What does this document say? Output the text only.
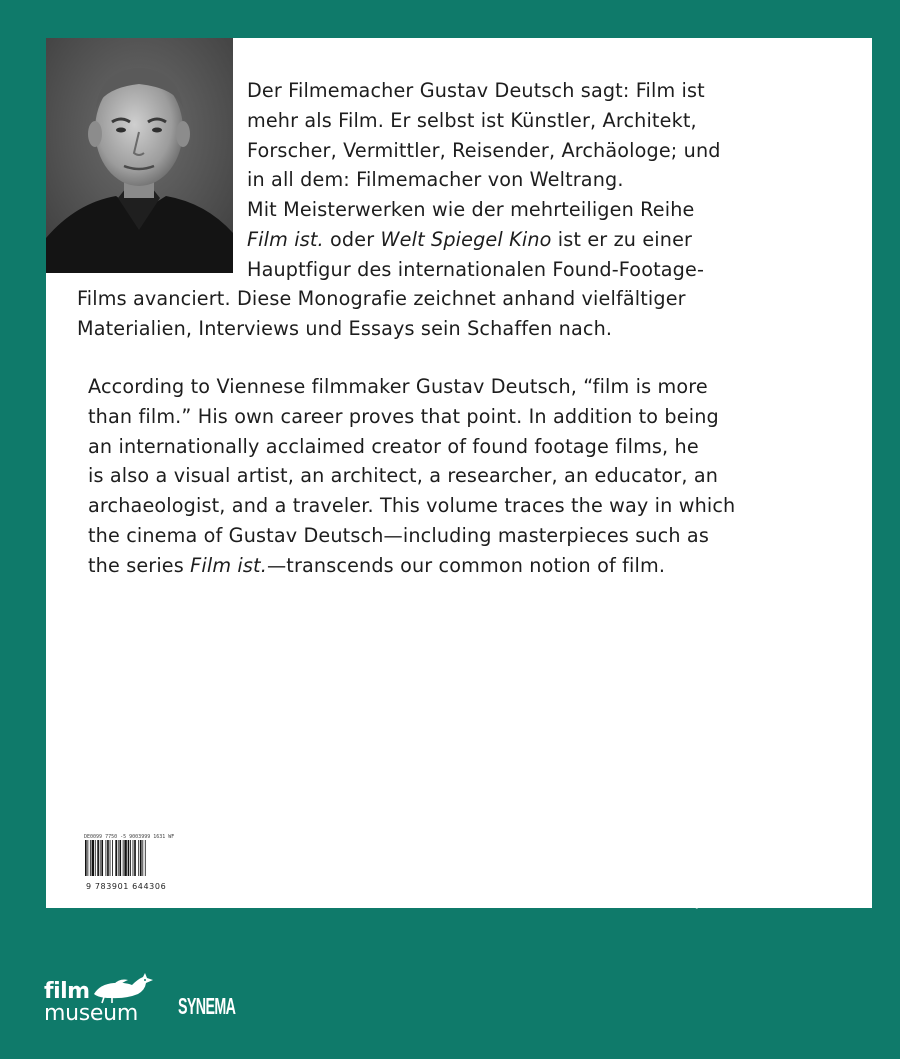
Der Filmemacher Gustav Deutsch sagt: Film ist
mehr als Film. Er selbst ist Künstler, Architekt,
Forscher, Vermittler, Reisender, Archäologe; und
in all dem: Filmemacher von Weltrang.
Mit Meisterwerken wie der mehrteiligen Reihe
Film ist. oder Welt Spiegel Kino ist er zu einer
Hauptfigur des internationalen Found-Footage-
Films avanciert. Diese Monografie zeichnet anhand vielfältiger
Materialien, Interviews und Essays sein Schaffen nach.
According to Viennese filmmaker Gustav Deutsch, “film is more
than film.” His own career proves that point. In addition to being
an internationally acclaimed creator of found footage films, he
is also a visual artist, an architect, a researcher, an educator, an
archaeologist, and a traveler. This volume traces the way in which
the cinema of Gustav Deutsch—including masterpieces such as
the series Film ist.—transcends our common notion of film.
DE0099 7750 -5 9003999 1631 WF
9 783901 644306
FilmmuseumSynemaPublikationen
film
museum SYNEMA
